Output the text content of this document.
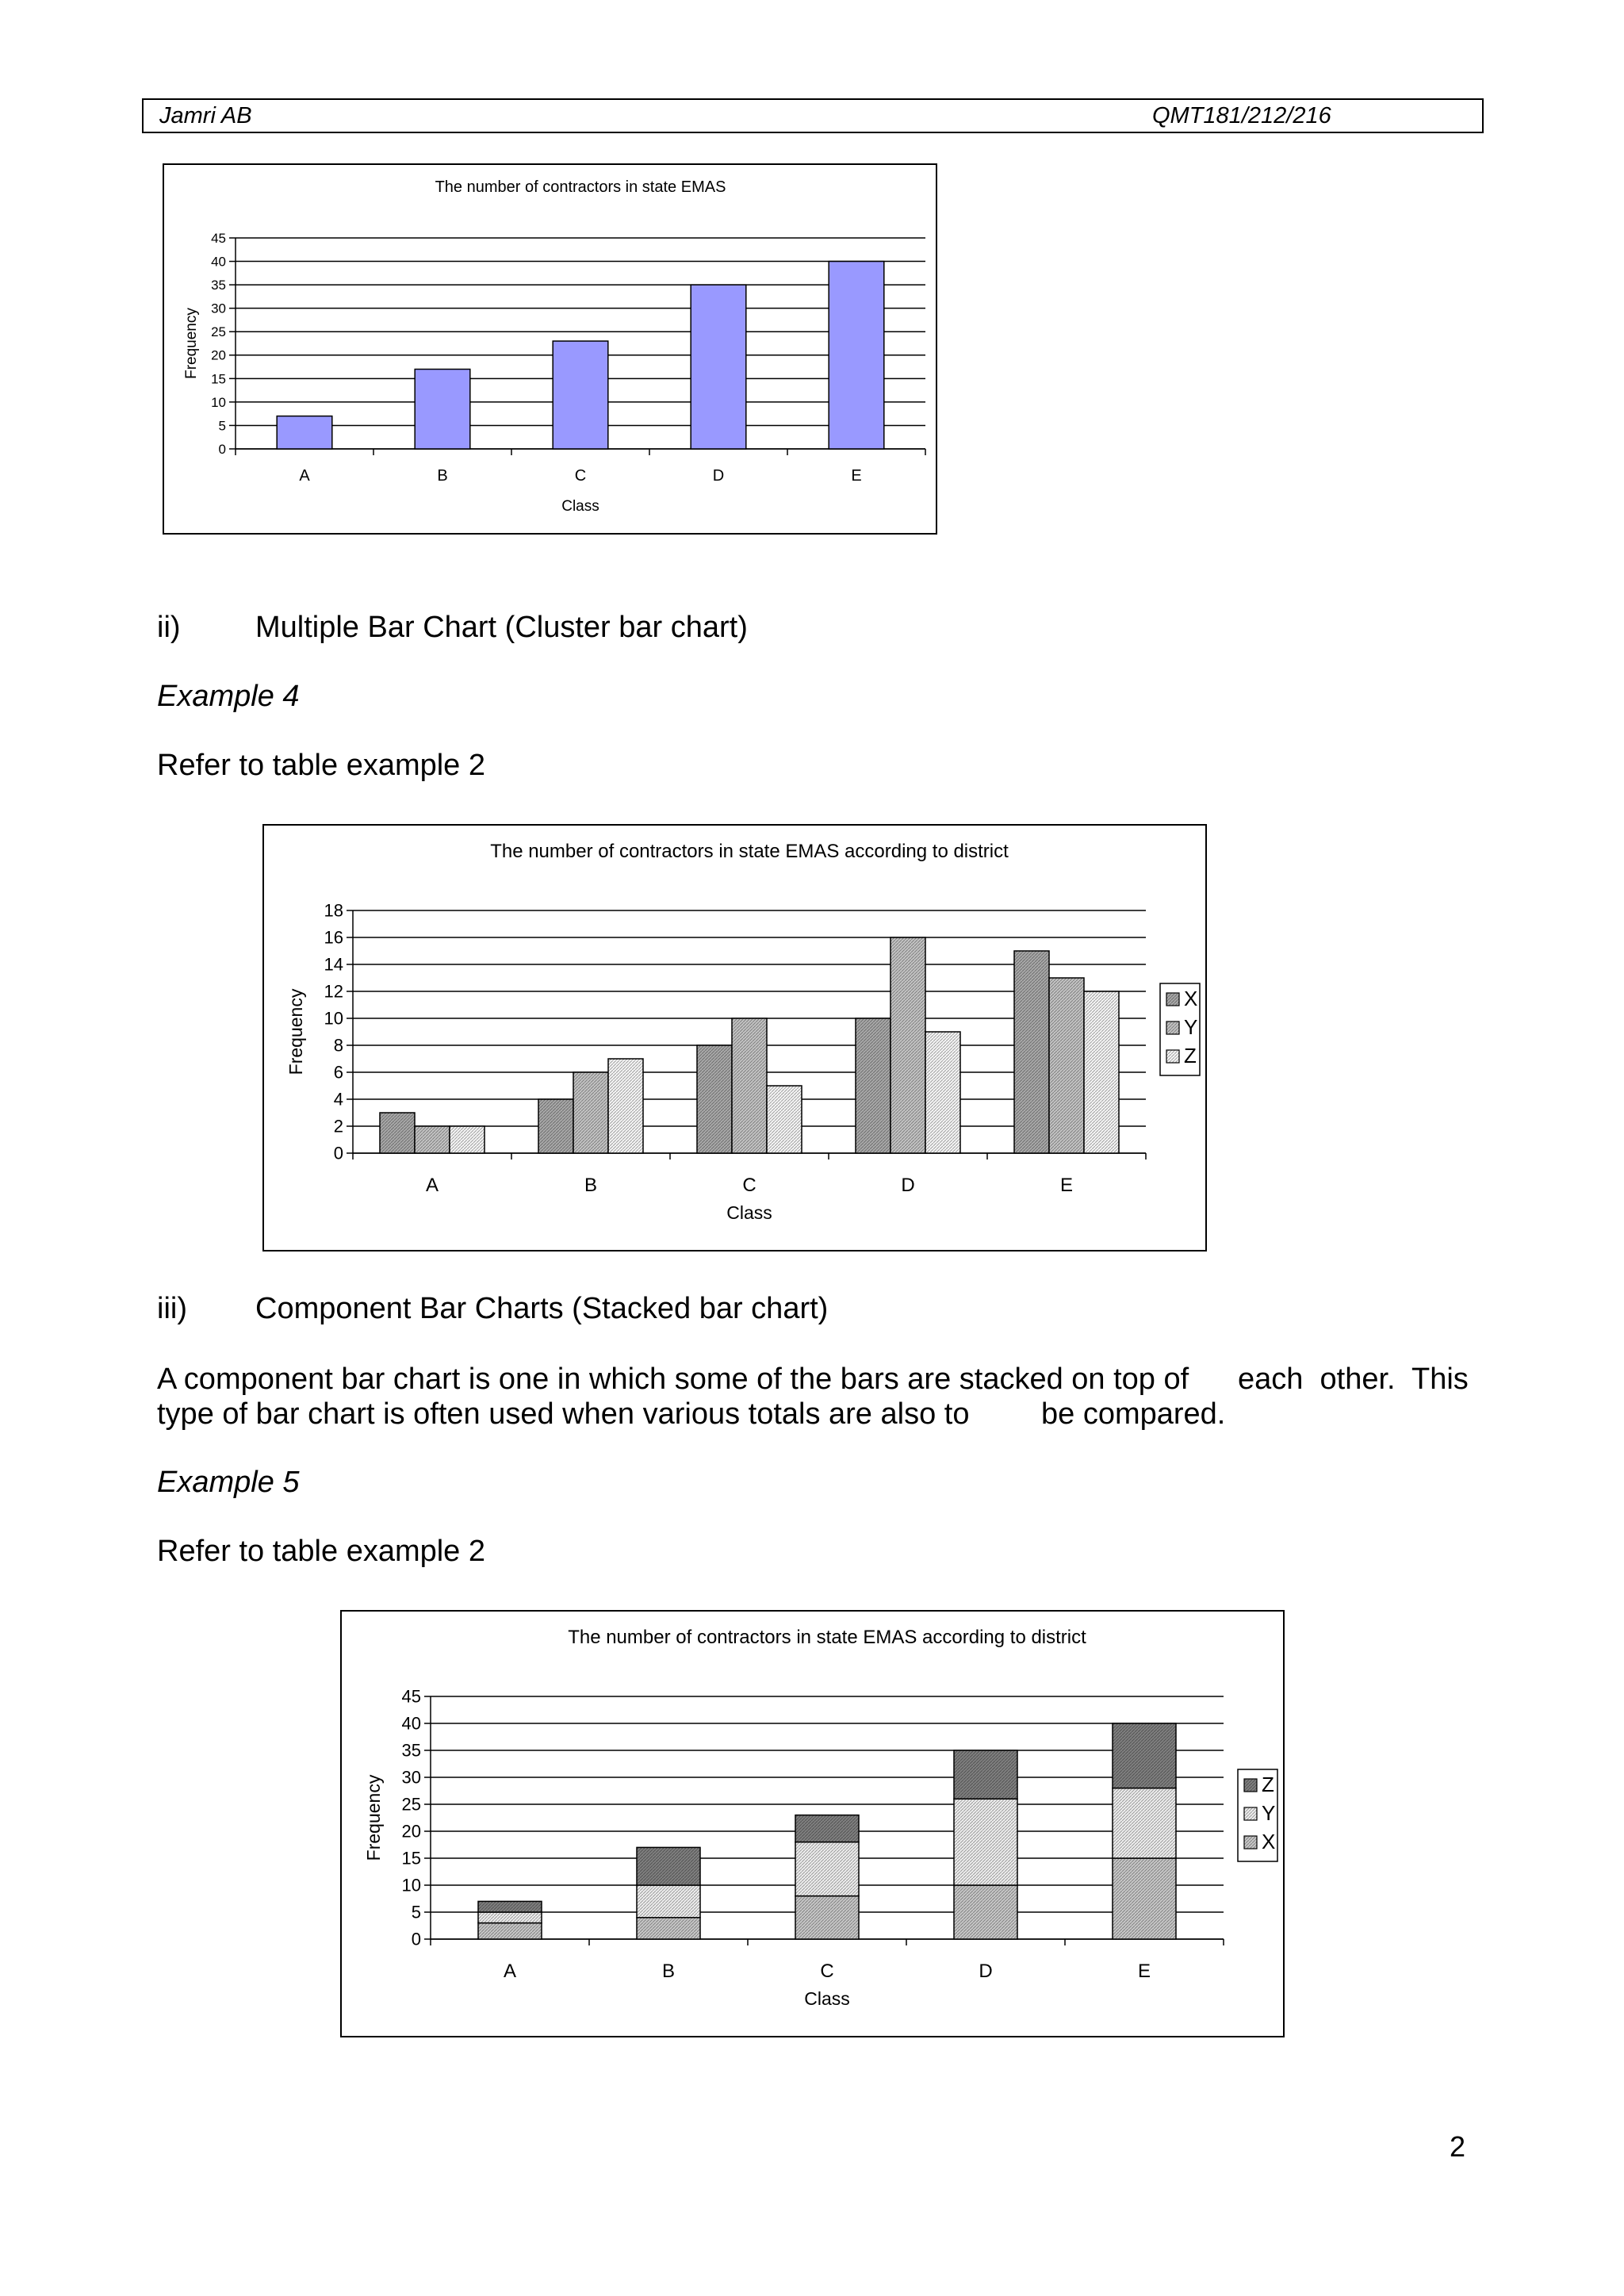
Jamri AB	QMT181/212/216
The number of contractors in state EMAS
0
5
10
15
20
25
30
35
40
45
A	B	C	D	E
Class
Frequency
ii) Multiple Bar Chart (Cluster bar chart)
Example 4
Refer to table example 2
The number of contractors in state EMAS according to district
0
2
4
6
8
10
12
14
16
18
A	B	C	D	E
Class
Frequency	X
Y
Z
iii) Component Bar Charts (Stacked bar chart)
A component bar chart is one in which some of the bars are stacked on top of each  other.  This
type of bar chart is often used when various totals are also to be compared.
Example 5
Refer to table example 2
The number of contractors in state EMAS according to district
0
5
10
15
20
25
30
35
40
45
A	B	C	D	E
Class
Frequency	Z
Y
X
2
